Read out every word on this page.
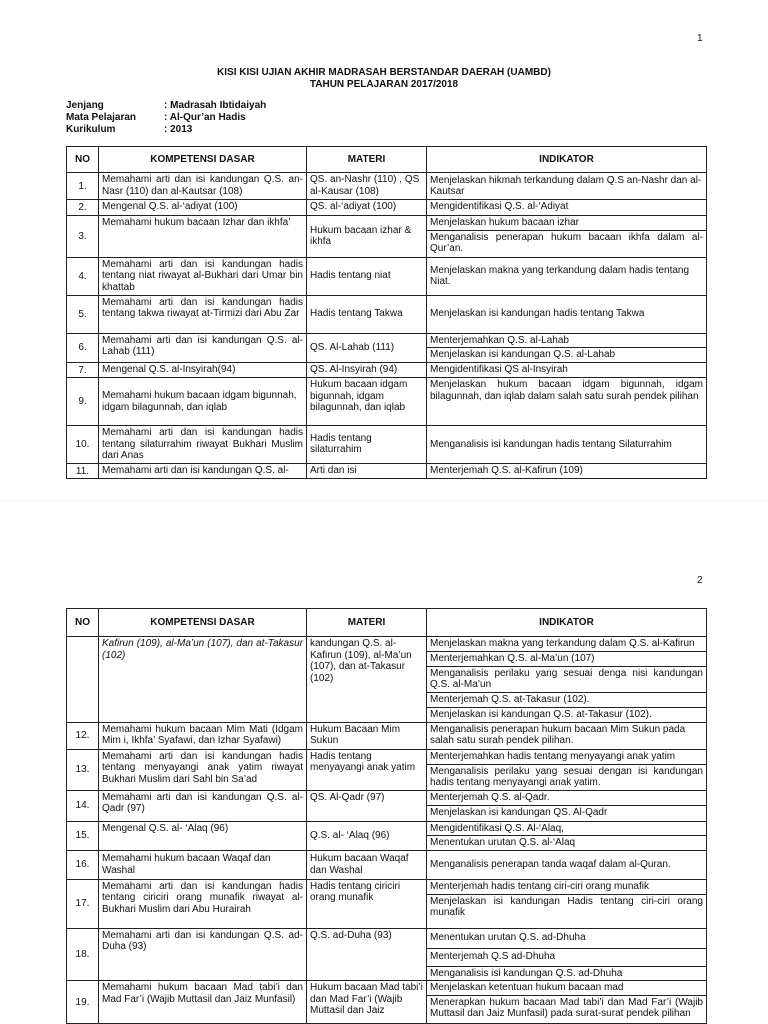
1
KISI KISI UJIAN AKHIR MADRASAH BERSTANDAR DAERAH (UAMBD)
TAHUN PELAJARAN 2017/2018
Jenjang	: Madrasah Ibtidaiyah
Mata Pelajaran	: Al-Qur’an Hadis
Kurikulum	: 2013
NO	KOMPETENSI DASAR	MATERI	INDIKATOR
1.	Memahami arti dan isi kandungan Q.S. an-Nasr (110) dan al-Kautsar (108)	QS. an-Nashr (110) , QS al-Kausar (108)	Menjelaskan hikmah terkandung dalam Q.S an-Nashr dan al-Kautsar
2.	Mengenal Q.S. al-‘adiyat (100)	QS. al-‘adiyat (100)	Mengidentifikasi Q.S. al-‘Adiyat
3.	Memahami hukum bacaan Izhar dan ikhfa’	Hukum bacaan izhar & ikhfa	Menjelaskan hukum bacaan izhar
			Menganalisis penerapan hukum bacaan ikhfa dalam al-Qur’an.
4.	Memahami arti dan isi kandungan hadis tentang niat riwayat al-Bukhari dari Umar bin khattab	Hadis tentang niat	Menjelaskan makna yang terkandung dalam hadis tentang Niat.
5.	Memahami arti dan isi kandungan hadis tentang takwa riwayat at-Tirmizi dari Abu Zar	Hadis tentang Takwa	Menjelaskan isi kandungan hadis tentang Takwa
6.	Memahami arti dan isi kandungan Q.S. al-Lahab (111)	QS. Al-Lahab (111)	Menterjemahkan Q.S. al-Lahab
			Menjelaskan isi kandungan Q.S. al-Lahab
7.	Mengenal Q.S. al-Insyirah(94)	QS. Al-Insyirah (94)	Mengidentifikasi QS al-Insyirah
9.	Memahami hukum bacaan idgam bigunnah, idgam bilagunnah, dan iqlab	Hukum bacaan idgam bigunnah, idgam bilagunnah, dan iqlab	Menjelaskan hukum bacaan idgam bigunnah, idgam bilagunnah, dan iqlab dalam salah satu surah pendek pilihan
10.	Memahami arti dan isi kandungan hadis tentang silaturrahim riwayat Bukhari Muslim dari Anas	Hadis tentang silaturrahim	Menganalisis isi kandungan hadis tentang Silaturrahim
11.	Memahami arti dan isi kandungan Q.S. al-	Arti dan isi	Menterjemah Q.S. al-Kafirun (109)
2
NO	KOMPETENSI DASAR	MATERI	INDIKATOR
	Kafirun (109), al-Ma’un (107), dan at-Takasur (102)	kandungan Q.S. al-Kafirun (109), al-Ma’un (107), dan at-Takasur (102)	Menjelaskan makna yang terkandung dalam Q.S. al-Kafirun
			Menterjemahkan Q.S. al-Ma’un (107)
			Menganalisis perilaku yang sesuai denga nisi kandungan Q.S. al-Ma’un
			Menterjemah Q.S. at-Takasur (102).
			Menjelaskan isi kandungan Q.S. at-Takasur (102).
12.	Memahami hukum bacaan Mim Mati (Idgam Mim i, Ikhfa’ Syafawi, dan Izhar Syafawi)	Hukum Bacaan Mim Sukun	Menganalisis penerapan hukum bacaan Mim Sukun pada salah satu surah pendek pilihan.
13.	Memahami arti dan isi kandungan hadis tentang menyayangi anak yatim riwayat Bukhari Muslim dari Sahl bin Sa’ad	Hadis tentang menyayangi anak yatim	Menterjemahkan hadis tentang menyayangi anak yatim
			Menganalisis perilaku yang sesuai dengan isi kandungan hadis tentang menyayangi anak yatim.
14.	Memahami arti dan isi kandungan Q.S. al-Qadr (97)	QS. Al-Qadr (97)	Menterjemah Q.S. al-Qadr.
			Menjelaskan isi kandungan QS. Al-Qadr
15.	Mengenal Q.S. al- ‘Alaq (96)	Q.S. al- ‘Alaq (96)	Mengidentifikasi Q.S. Al-‘Alaq,
			Menentukan urutan Q.S. al-‘Alaq
16.	Memahami hukum bacaan Waqaf dan Washal	Hukum bacaan Waqaf dan Washal	Menganalisis penerapan tanda waqaf dalam al-Quran.
17.	Memahami arti dan isi kandungan hadis tentang ciriciri orang munafik riwayat al-Bukhari Muslim dari Abu Hurairah	Hadis tentang ciriciri orang munafik	Menterjemah hadis tentang ciri-ciri orang munafik
			Menjelaskan isi kandungan Hadis tentang ciri-ciri orang munafik
18.	Memahami arti dan isi kandungan Q.S. ad-Duha (93)	Q.S. ad-Duha (93)	Menentukan urutan Q.S. ad-Dhuha
			Menterjemah Q.S ad-Dhuha
			Menganalisis isi kandungan Q.S. ad-Dhuha
19.	Memahami hukum bacaan Mad ṭabi’i dan Mad Far’i (Wajib Muttasil dan Jaiz Munfasil)	Hukum bacaan Mad tabi’i dan Mad Far’i (Wajib Muttasil dan Jaiz	Menjelaskan ketentuan hukum bacaan mad
			Menerapkan hukum bacaan Mad tabi’i dan Mad Far’i (Wajib Muttasil dan Jaiz Munfasil) pada surat-surat pendek pilihan
